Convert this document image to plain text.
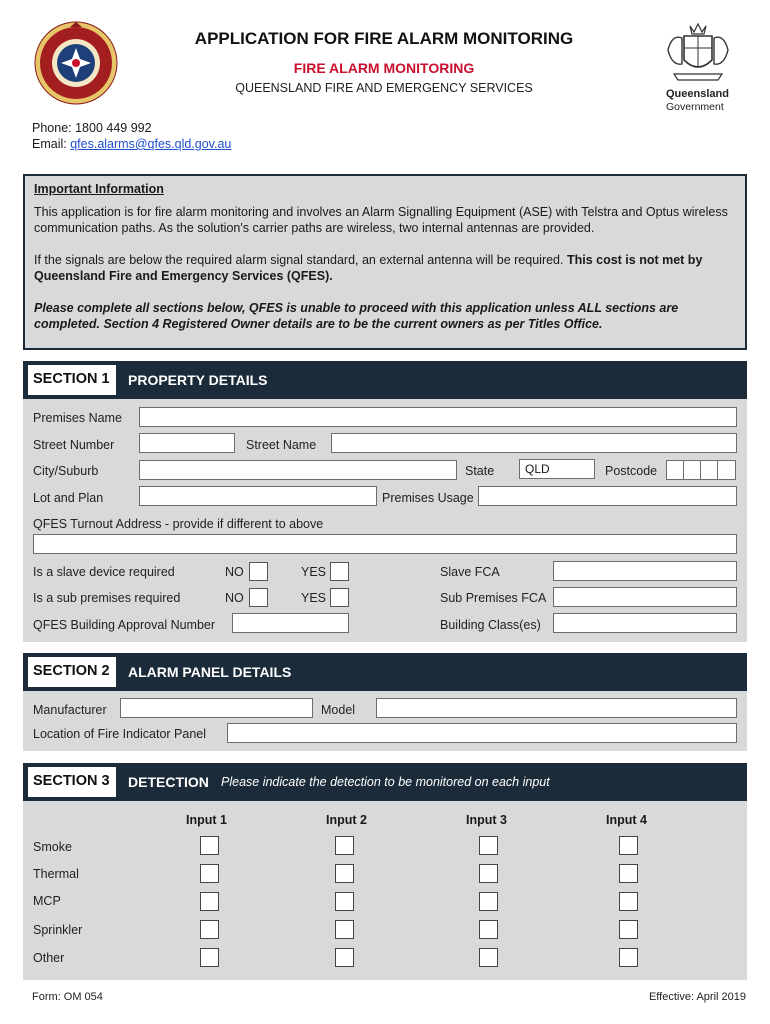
APPLICATION FOR FIRE ALARM MONITORING
FIRE ALARM MONITORING
QUEENSLAND FIRE AND EMERGENCY SERVICES	Queensland
Government
Phone: 1800 449 992
Email: qfes.alarms@qfes.qld.gov.au
Important Information
This application is for fire alarm monitoring and involves an Alarm Signalling Equipment (ASE) with Telstra and Optus wireless communication paths. As the solution's carrier paths are wireless, two internal antennas are provided.
If the signals are below the required alarm signal standard, an external antenna will be required. This cost is not met by Queensland Fire and Emergency Services (QFES).
Please complete all sections below, QFES is unable to proceed with this application unless ALL sections are completed. Section 4 Registered Owner details are to be the current owners as per Titles Office.
SECTION 1	PROPERTY DETAILS
Premises Name
Street Number	Street Name
City/Suburb	State	QLD	Postcode
Lot and Plan	Premises Usage
QFES Turnout Address - provide if different to above
Is a slave device required	NO	YES	Slave FCA
Is a sub premises required	NO	YES	Sub Premises FCA
QFES Building Approval Number	Building Class(es)
SECTION 2	ALARM PANEL DETAILS
Manufacturer	Model
Location of Fire Indicator Panel
SECTION 3	DETECTION Please indicate the detection to be monitored on each input
Input 1	Input 2	Input 3	Input 4
Smoke
Thermal
MCP
Sprinkler
Other
Form: OM 054	Effective: April 2019
